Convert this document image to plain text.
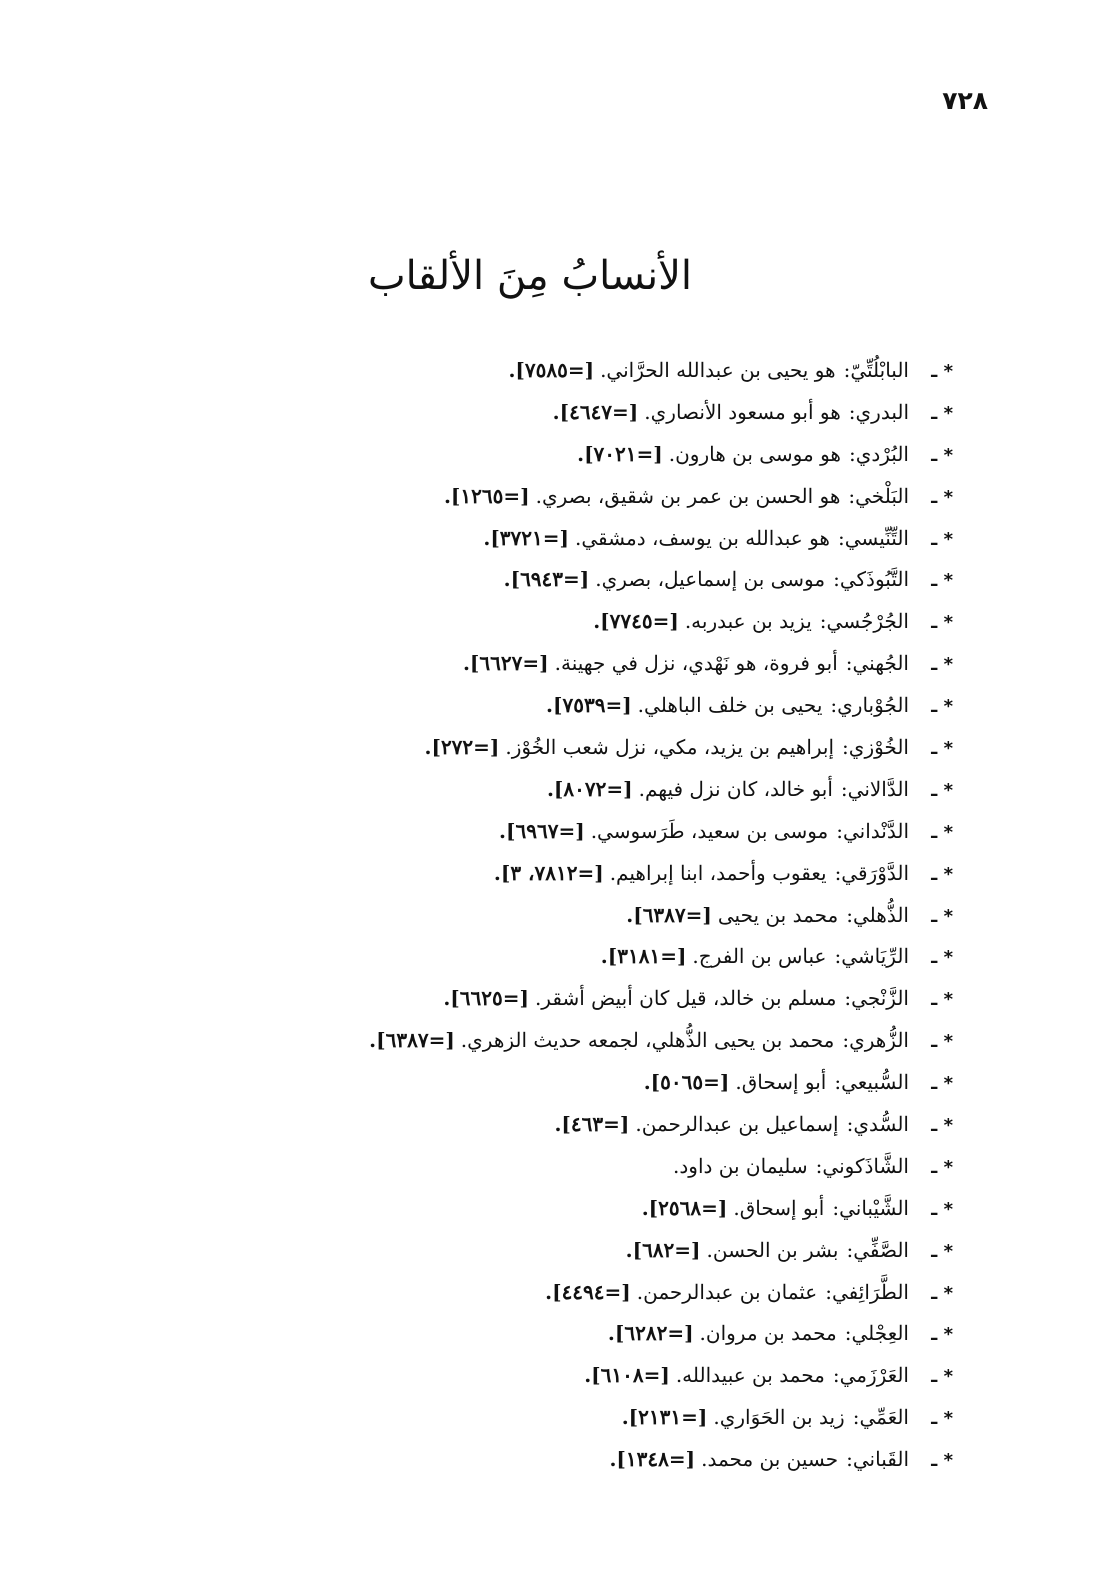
٧٢٨
الأنسابُ مِنَ الألقاب
* ـ
البابْلُتِّيّ:
هو يحيى بن عبدالله الحرَّاني.
[=٧٥٨٥].
* ـ
البدري:
هو أبو مسعود الأنصاري.
[=٤٦٤٧].
* ـ
البُرْدي:
هو موسى بن هارون.
[=٧٠٢١].
* ـ
البَلْخي:
هو الحسن بن عمر بن شقيق، بصري.
[=١٢٦٥].
* ـ
التِّنِّيسي:
هو عبدالله بن يوسف، دمشقي.
[=٣٧٢١].
* ـ
التَّبُوذَكي:
موسى بن إسماعيل، بصري.
[=٦٩٤٣].
* ـ
الجُرْجُسي:
يزيد بن عبدربه.
[=٧٧٤٥].
* ـ
الجُهني:
أبو فروة، هو نَهْدي، نزل في جهينة.
[=٦٦٢٧].
* ـ
الجُوْباري:
يحيى بن خلف الباهلي.
[=٧٥٣٩].
* ـ
الخُوْزي:
إبراهيم بن يزيد، مكي، نزل شعب الخُوْز.
[=٢٧٢].
* ـ
الدَّالاني:
أبو خالد، كان نزل فيهم.
[=٨٠٧٢].
* ـ
الدَّنْداني:
موسى بن سعيد، طَرَسوسي.
[=٦٩٦٧].
* ـ
الدَّوْرَقي:
يعقوب وأحمد، ابنا إبراهيم.
[=٧٨١٢، ٣].
* ـ
الذُّهلي:
محمد بن يحيى
[=٦٣٨٧].
* ـ
الرِّيَاشي:
عباس بن الفرج.
[=٣١٨١].
* ـ
الزَّنْجي:
مسلم بن خالد، قيل كان أبيض أشقر.
[=٦٦٢٥].
* ـ
الزُّهري:
محمد بن يحيى الذُّهلي، لجمعه حديث الزهري.
[=٦٣٨٧].
* ـ
السُّبيعي:
أبو إسحاق.
[=٥٠٦٥].
* ـ
السُّدي:
إسماعيل بن عبدالرحمن.
[=٤٦٣].
* ـ
الشَّاذَكوني:
سليمان بن داود.
* ـ
الشَّيْباني:
أبو إسحاق.
[=٢٥٦٨].
* ـ
الصَّفِّي:
بشر بن الحسن.
[=٦٨٢].
* ـ
الطَّرَائِفي:
عثمان بن عبدالرحمن.
[=٤٤٩٤].
* ـ
العِجْلي:
محمد بن مروان.
[=٦٢٨٢].
* ـ
العَرْزَمي:
محمد بن عبيدالله.
[=٦١٠٨].
* ـ
العَمِّي:
زيد بن الحَوَاري.
[=٢١٣١].
* ـ
القَباني:
حسين بن محمد.
[=١٣٤٨].
